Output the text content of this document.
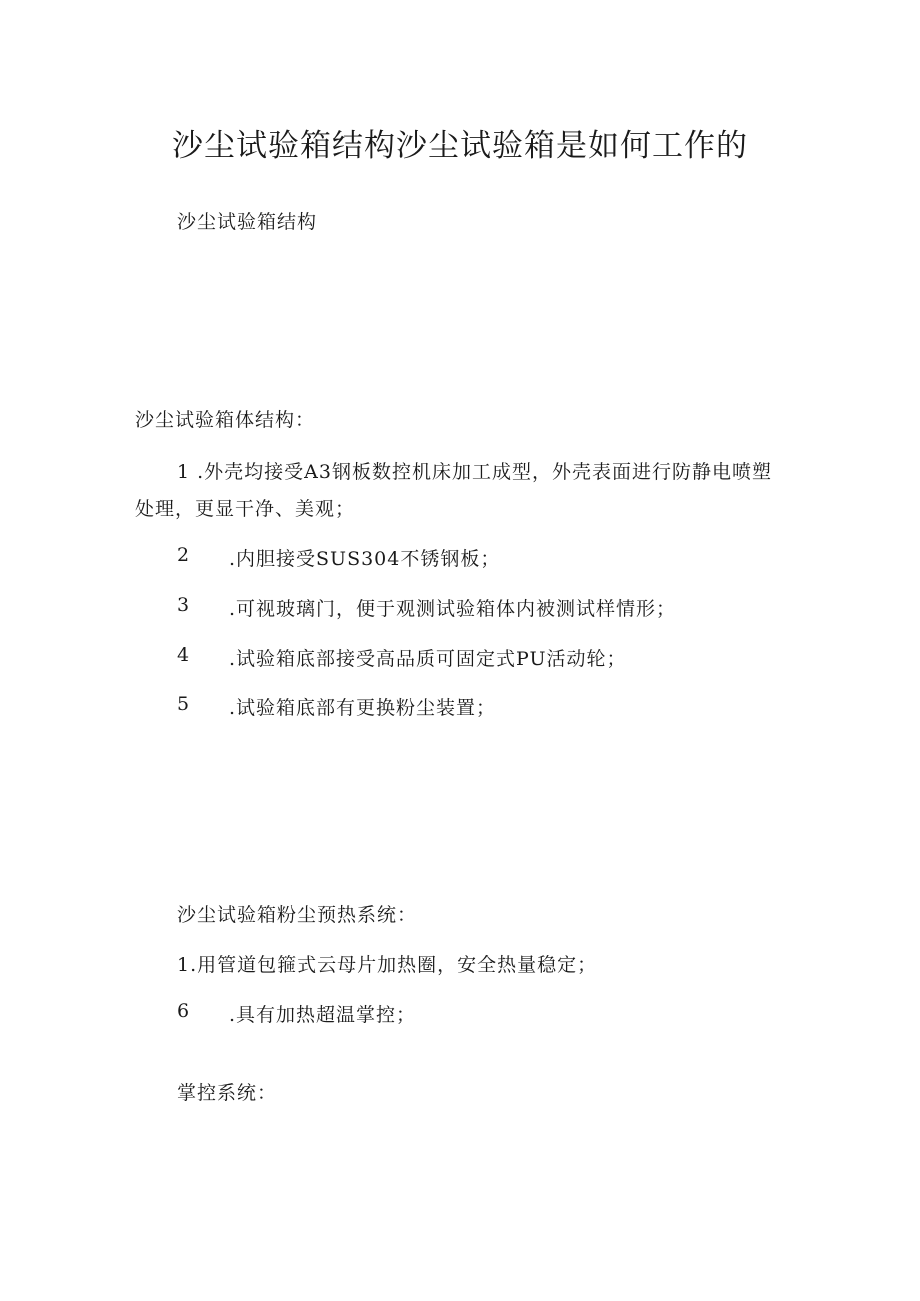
沙尘试验箱结构沙尘试验箱是如何工作的
沙尘试验箱结构
沙尘试验箱体结构：
1 .外壳均接受A3钢板数控机床加工成型，外壳表面进行防静电喷塑
处理，更显干净、美观；
2 .内胆接受SUS304不锈钢板；
3 .可视玻璃门，便于观测试验箱体内被测试样情形；
4 .试验箱底部接受高品质可固定式PU活动轮；
5 .试验箱底部有更换粉尘装置；
沙尘试验箱粉尘预热系统：
1.用管道包箍式云母片加热圈，安全热量稳定；
6 .具有加热超温掌控；
掌控系统：
